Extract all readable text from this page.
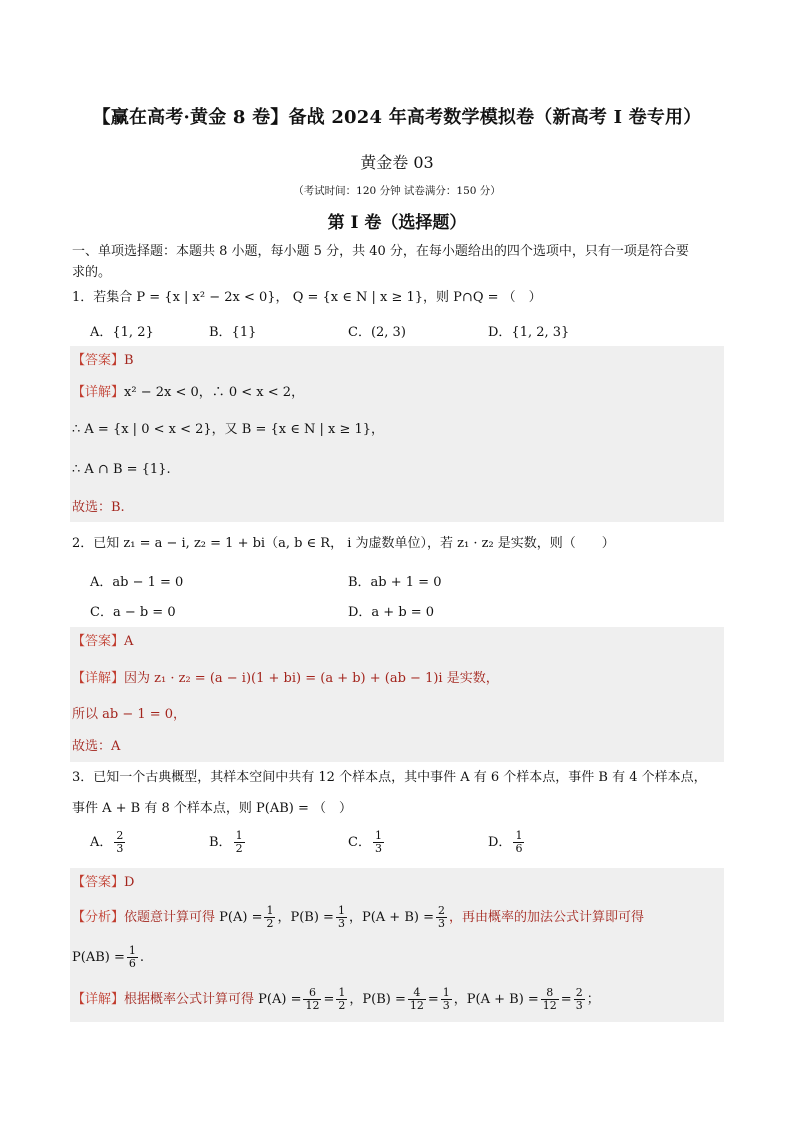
【赢在高考·黄金 8 卷】备战 2024 年高考数学模拟卷（新高考 I 卷专用）
黄金卷 03
（考试时间：120 分钟 试卷满分：150 分）
第 I 卷（选择题）
一、单项选择题：本题共 8 小题，每小题 5 分，共 40 分，在每小题给出的四个选项中，只有一项是符合要
求的。
1．若集合 P = {x | x² − 2x < 0}， Q = {x ∈ N | x ≥ 1}，则 P∩Q = （　）
A．{1, 2}	B．{1}	C．(2, 3)	D．{1, 2, 3}
【答案】B
【详解】x² − 2x < 0，∴ 0 < x < 2，
∴ A = {x | 0 < x < 2}，又 B = {x ∈ N | x ≥ 1}，
∴ A ∩ B = {1}.
故选：B.
2．已知 z₁ = a − i, z₂ = 1 + bi（a, b ∈ R， i 为虚数单位），若 z₁ · z₂ 是实数，则（　　）
A．ab − 1 = 0	B．ab + 1 = 0
C．a − b = 0	D．a + b = 0
【答案】A
【详解】因为 z₁ · z₂ = (a − i)(1 + bi) = (a + b) + (ab − 1)i 是实数，
所以 ab − 1 = 0，
故选：A
3．已知一个古典概型，其样本空间中共有 12 个样本点，其中事件 A 有 6 个样本点，事件 B 有 4 个样本点，
事件 A + B 有 8 个样本点，则 P(AB) = （　）
A． $\frac{2}{3}$	B． $\frac{1}{2}$	C． $\frac{1}{3}$	D． $\frac{1}{6}$
【答案】D
【分析】依题意计算可得 $P(A) = \frac{1}{2}$ ，$P(B) = \frac{1}{3}$ ，$P(A + B) = \frac{2}{3}$ ，再由概率的加法公式计算即可得
$P(AB) = \frac{1}{6}$ .
【详解】根据概率公式计算可得 $P(A) = \frac{6}{12} = \frac{1}{2}$ ，$P(B) = \frac{4}{12} = \frac{1}{3}$ ，$P(A + B) = \frac{8}{12} = \frac{2}{3}$ ；
